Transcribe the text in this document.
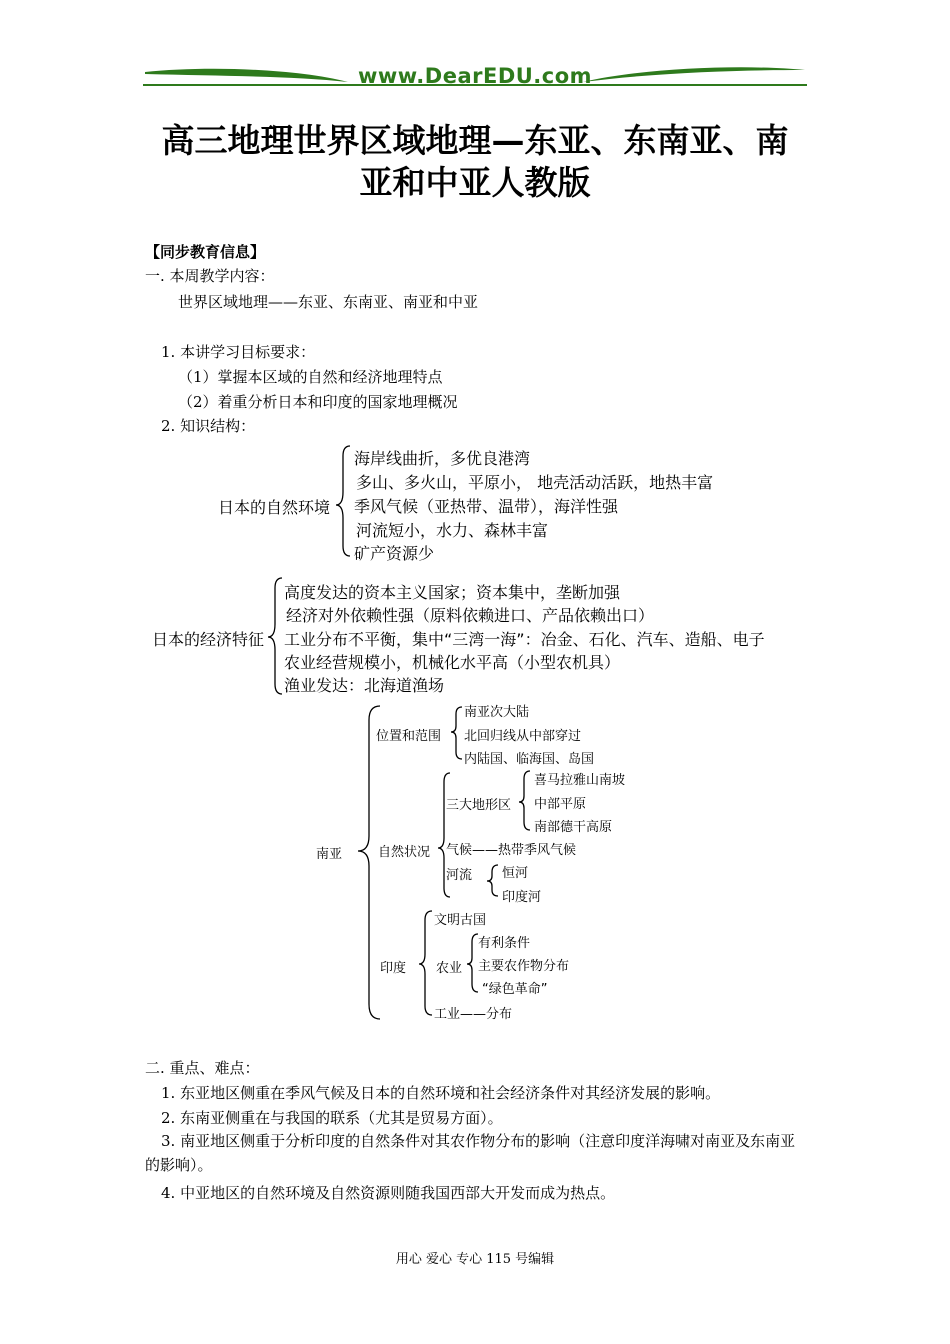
www.DearEDU.com
高三地理世界区域地理—东亚、东南亚、南
亚和中亚人教版
【同步教育信息】
一. 本周教学内容：
世界区域地理——东亚、东南亚、南亚和中亚
1. 本讲学习目标要求：
（1）掌握本区域的自然和经济地理特点
（2）着重分析日本和印度的国家地理概况
2. 知识结构：
日本的自然环境
海岸线曲折，多优良港湾
多山、多火山，平原小， 地壳活动活跃，地热丰富
季风气候（亚热带、温带），海洋性强
河流短小，水力、森林丰富
矿产资源少
日本的经济特征
高度发达的资本主义国家；资本集中，垄断加强
经济对外依赖性强（原料依赖进口、产品依赖出口）
工业分布不平衡，集中“三湾一海”：冶金、石化、汽车、造船、电子
农业经营规模小，机械化水平高（小型农机具）
渔业发达：北海道渔场
南亚
位置和范围
南亚次大陆
北回归线从中部穿过
内陆国、临海国、岛国
自然状况
三大地形区
喜马拉雅山南坡
中部平原
南部德干高原
气候——热带季风气候
河流 恒河
印度河
印度
文明古国
农业
有利条件
主要农作物分布
“绿色革命”
工业——分布
二. 重点、难点：
1. 东亚地区侧重在季风气候及日本的自然环境和社会经济条件对其经济发展的影响。
2. 东南亚侧重在与我国的联系（尤其是贸易方面）。
3. 南亚地区侧重于分析印度的自然条件对其农作物分布的影响（注意印度洋海啸对南亚及东南亚的影响）。
4. 中亚地区的自然环境及自然资源则随我国西部大开发而成为热点。
用心 爱心 专心 115 号编辑
